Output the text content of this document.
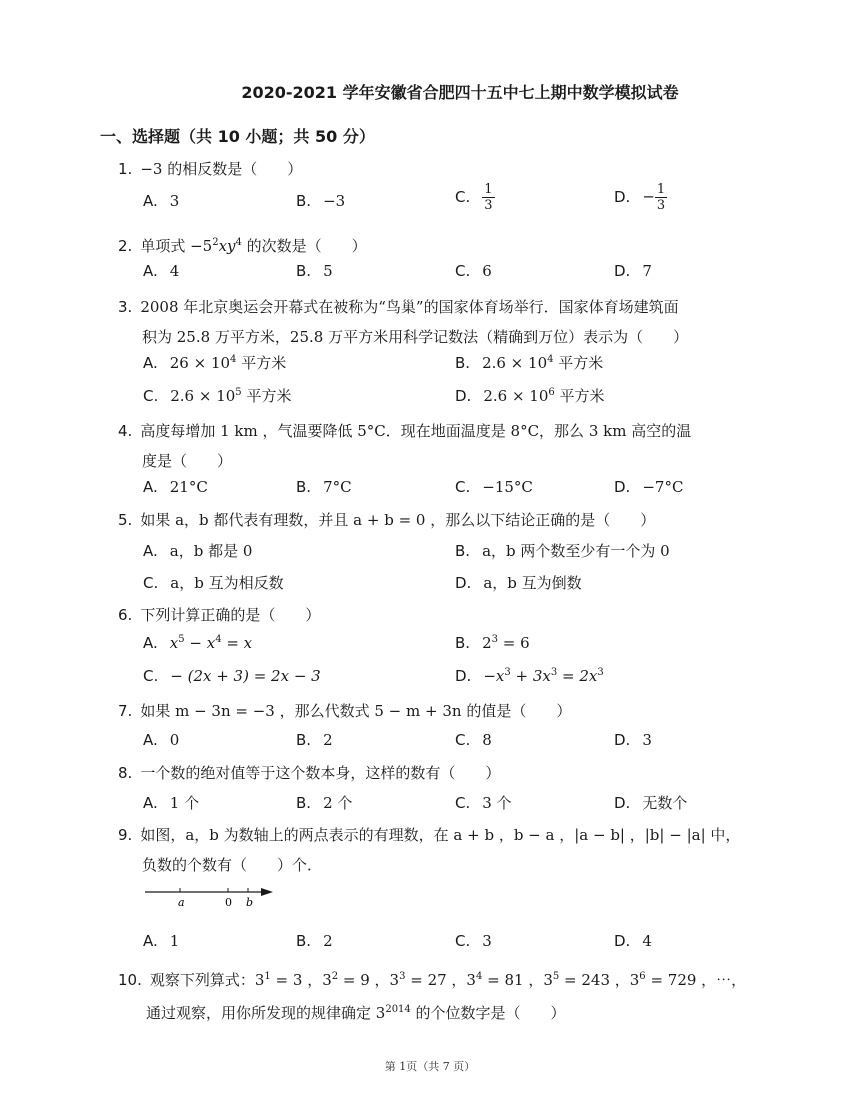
2020-2021 学年安徽省合肥四十五中七上期中数学模拟试卷
一、选择题（共 10 小题；共 50 分）
1. −3 的相反数是（　　）
A. 3	B. −3	C. $\frac{1}{3}$	D. − $\frac{1}{3}$
2. 单项式 $-5^2xy^4$ 的次数是（　　）
A. 4	B. 5	C. 6	D. 7
3. 2008 年北京奥运会开幕式在被称为“鸟巢”的国家体育场举行．国家体育场建筑面
积为 25.8 万平方米，25.8 万平方米用科学记数法（精确到万位）表示为（　　）
A. $26 \times 10^4$ 平方米	B. $2.6 \times 10^4$ 平方米
C. $2.6 \times 10^5$ 平方米	D. $2.6 \times 10^6$ 平方米
4. 高度每增加 1 km ，气温要降低 5°C．现在地面温度是 8°C，那么 3 km 高空的温
度是（　　）
A. 21°C	B. 7°C	C. −15°C	D. −7°C
5. 如果 a，b 都代表有理数，并且 a + b = 0 ，那么以下结论正确的是（　　）
A. a，b 都是 0	B. a，b 两个数至少有一个为 0
C. a，b 互为相反数	D. a，b 互为倒数
6. 下列计算正确的是（　　）
A. $x^5 - x^4 = x$	B. $2^3 = 6$
C. − (2x + 3) = 2x − 3	D. $-x^3 + 3x^3 = 2x^3$
7. 如果 m − 3n = −3 ，那么代数式 5 − m + 3n 的值是（　　）
A. 0	B. 2	C. 8	D. 3
8. 一个数的绝对值等于这个数本身，这样的数有（　　）
A. 1 个	B. 2 个	C. 3 个	D. 无数个
9. 如图，a，b 为数轴上的两点表示的有理数，在 a + b ，b − a ，|a − b| ，|b| − |a| 中，
负数的个数有（　　）个．
a	0 b
A. 1	B. 2	C. 3	D. 4
10. 观察下列算式：$3^1 = 3$ ，$3^2 = 9$ ，$3^3 = 27$ ，$3^4 = 81$ ，$3^5 = 243$ ，$3^6 = 729$ ，⋯，
通过观察，用你所发现的规律确定 $3^{2014}$ 的个位数字是（　　）
第 1页（共 7 页）
